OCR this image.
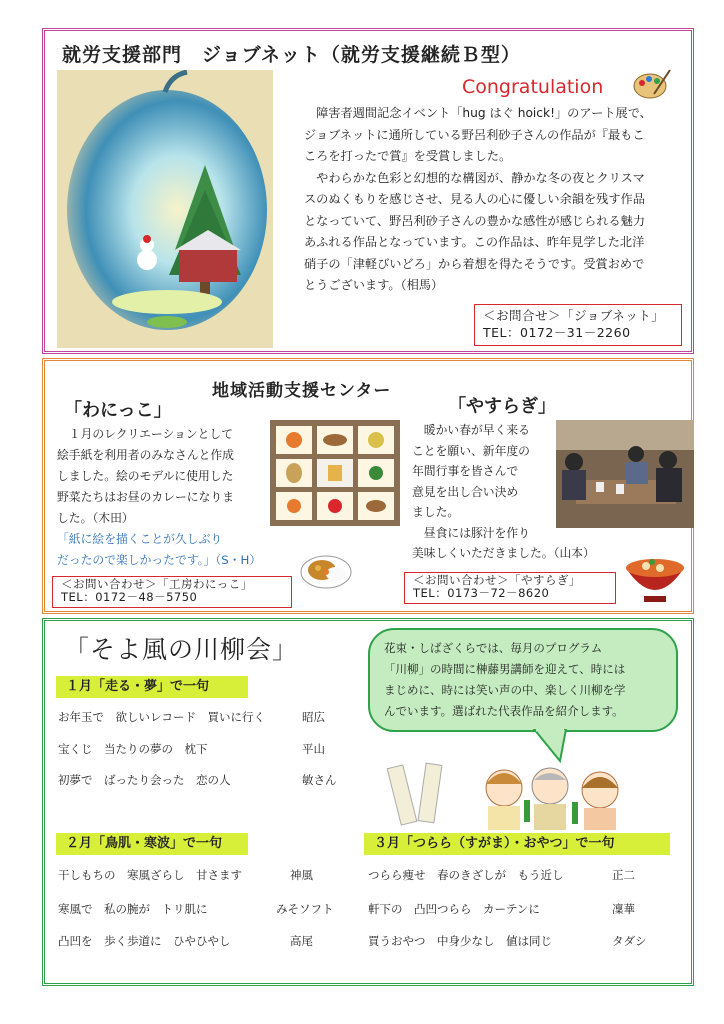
就労支援部門　ジョブネット（就労支援継続Ｂ型）
Congratulation
　障害者週間記念イベント「hug はぐ hoick!」のアート展で、
ジョブネットに通所している野呂利砂子さんの作品が『最もこ
ころを打ったで賞』を受賞しました。
　やわらかな色彩と幻想的な構図が、静かな冬の夜とクリスマ
スのぬくもりを感じさせ、見る人の心に優しい余韻を残す作品
となっていて、野呂利砂子さんの豊かな感性が感じられる魅力
あふれる作品となっています。この作品は、昨年見学した北洋
硝子の「津軽びいどろ」から着想を得たそうです。受賞おめで
とうございます。（相馬）
＜お問合せ＞「ジョブネット」
TEL：0172－31－2260
地域活動支援センター
「わにっこ」
　１月のレクリエーションとして
絵手紙を利用者のみなさんと作成
しました。絵のモデルに使用した
野菜たちはお昼のカレーになりま
した。（木田）
「紙に絵を描くことが久しぶり
だったので楽しかったです。」（S・H）
＜お問い合わせ＞「工房わにっこ」
TEL：0172－48－5750
「やすらぎ」
　暖かい春が早く来る
ことを願い、新年度の
年間行事を皆さんで
意見を出し合い決め
ました。
　昼食には豚汁を作り
美味しくいただきました。（山本）
＜お問い合わせ＞「やすらぎ」
TEL：0173－72－8620
「そよ風の川柳会」	花束・しばざくらでは、毎月のプログラム
「川柳」の時間に榊藤男講師を迎えて、時には
まじめに、時には笑い声の中、楽しく川柳を学
んでいます。選ばれた代表作品を紹介します。
１月「走る・夢」で一句
お年玉で　欲しいレコード　買いに行く	昭広
宝くじ　当たりの夢の　枕下	平山
初夢で　ばったり会った　恋の人	敏さん
２月「鳥肌・寒波」で一句
干しもちの　寒風ざらし　甘さます	神風
寒風で　私の腕が　トリ肌に	みそソフト
凸凹を　歩く歩道に　ひやひやし	高尾
３月「つらら（すがま）・おやつ」で一句
つらら痩せ　春のきざしが　もう近し	正二
軒下の　凸凹つらら　カーテンに	凜華
買うおやつ　中身少なし　値は同じ	タダシ
